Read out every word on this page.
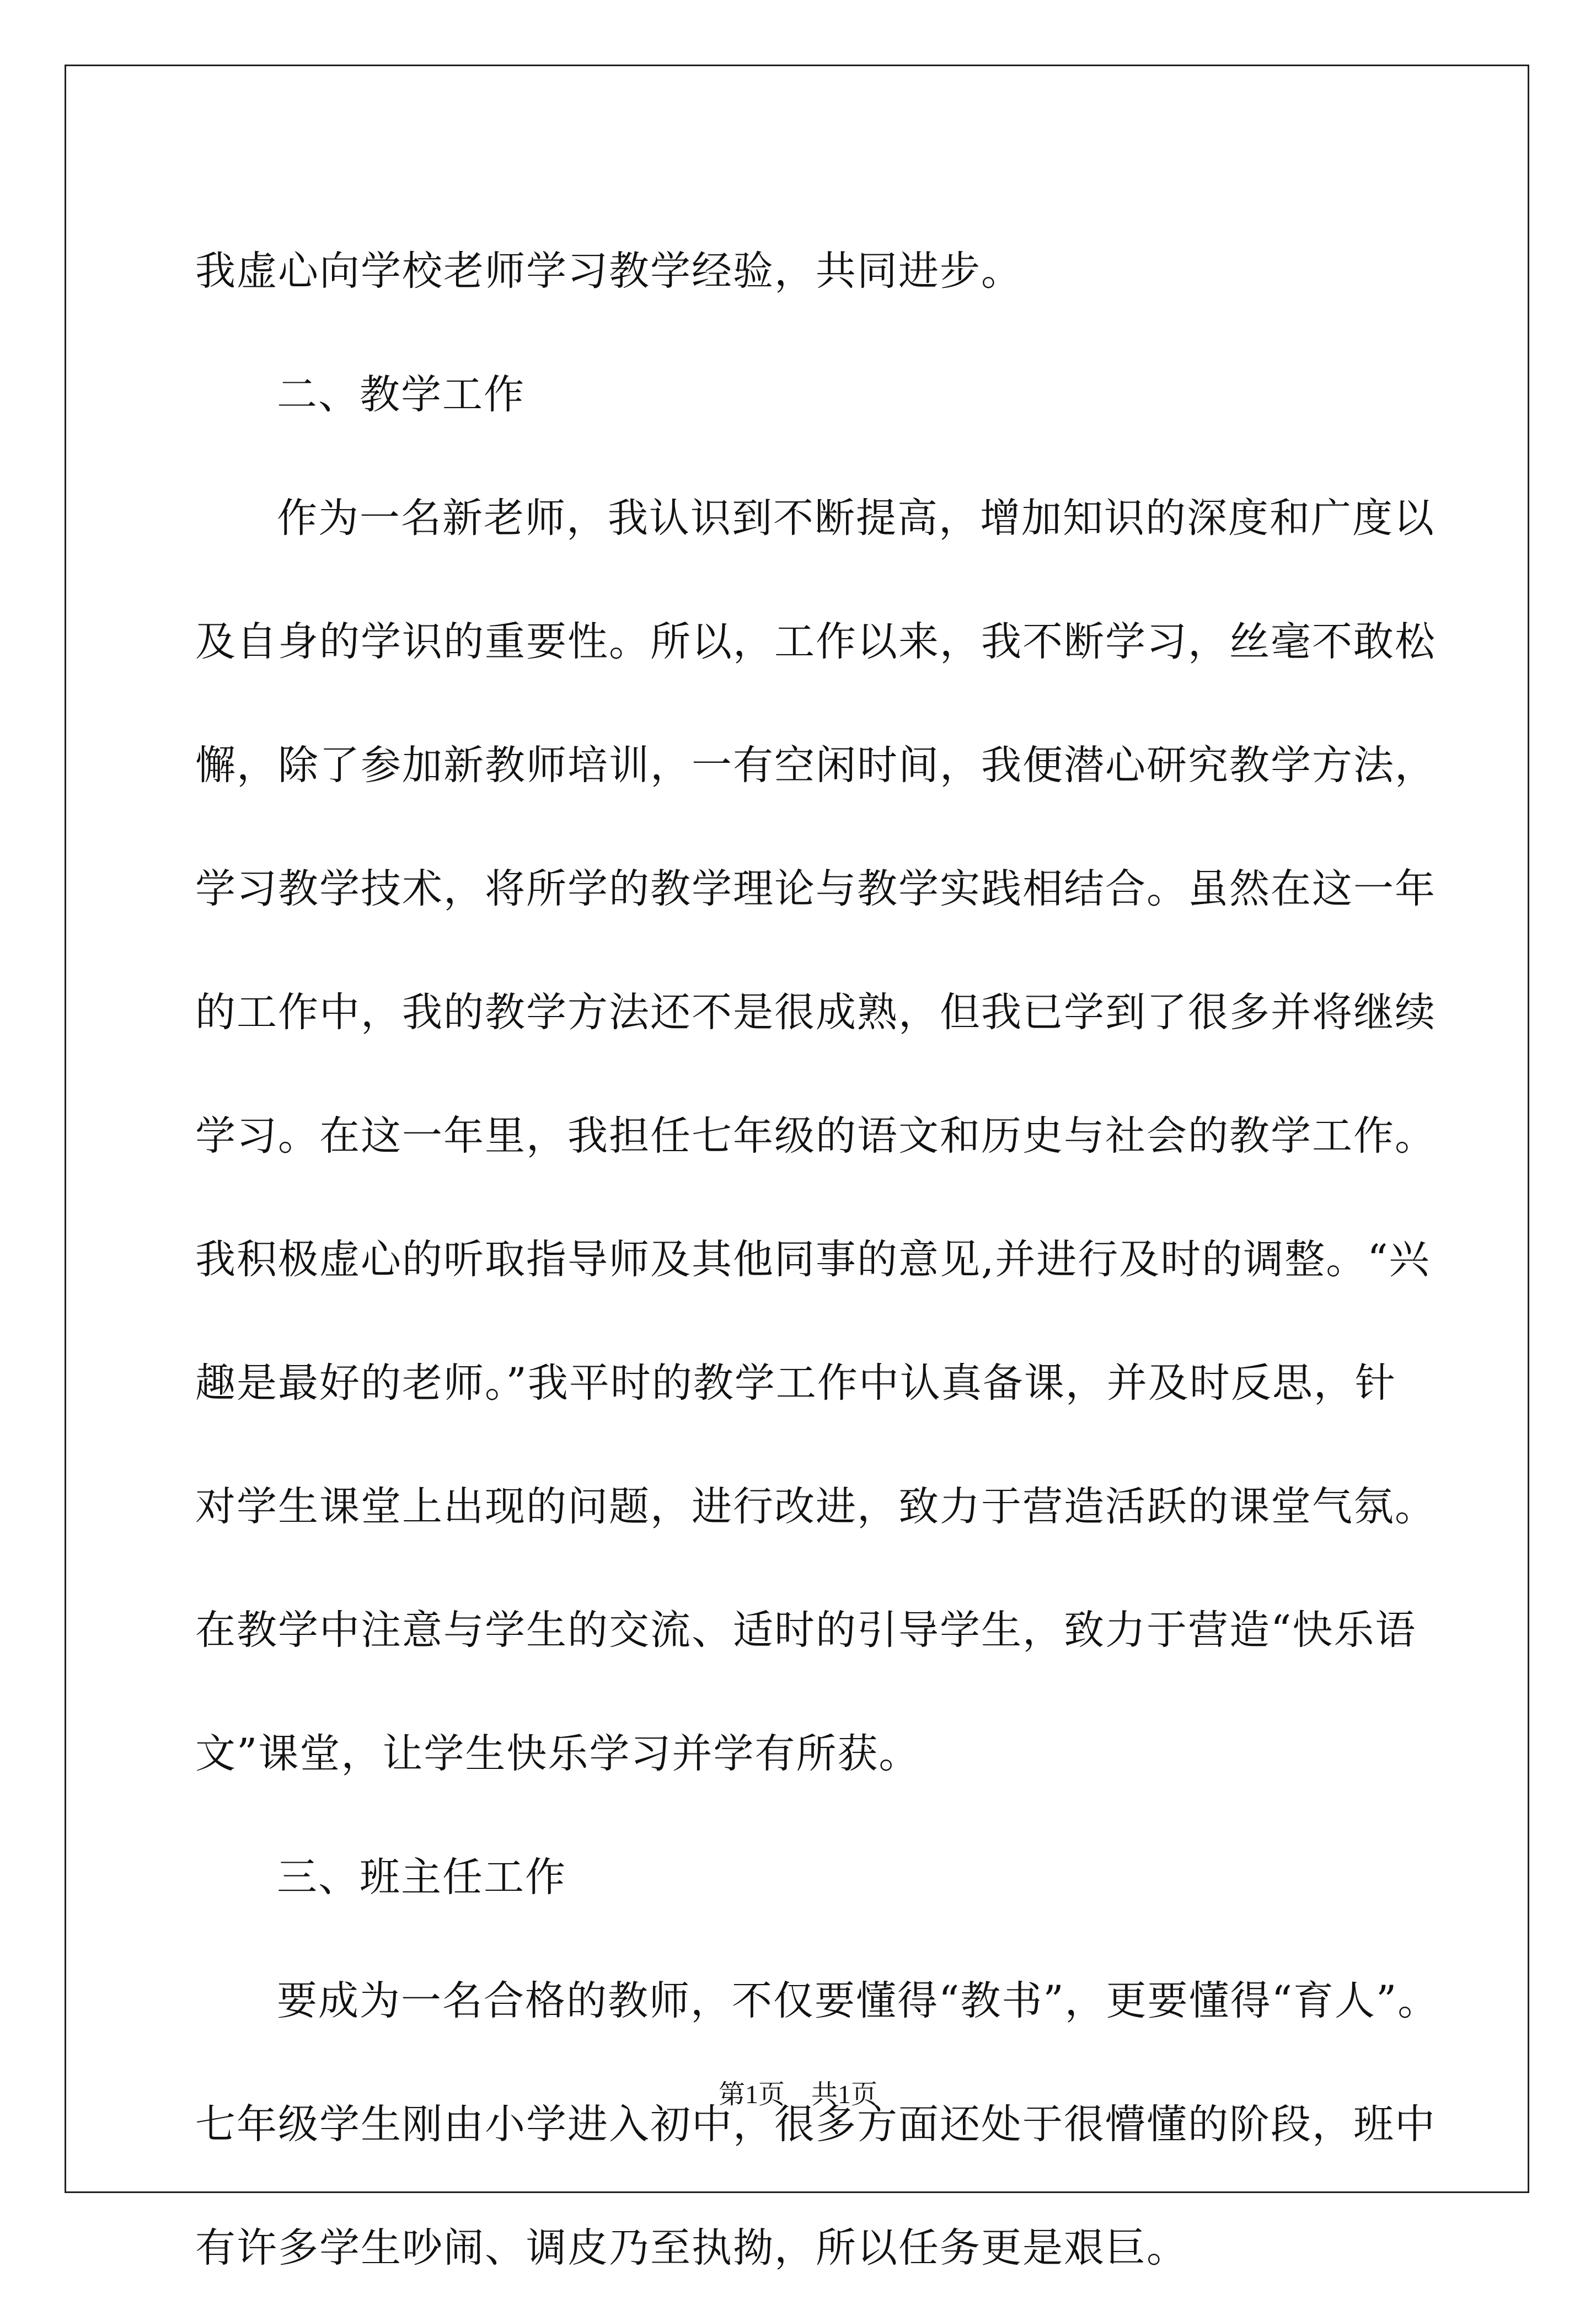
我虚心向学校老师学习教学经验，共同进步。
二、教学工作
作为一名新老师，我认识到不断提高，增加知识的深度和广度以
及自身的学识的重要性。所以，工作以来，我不断学习，丝毫不敢松
懈，除了参加新教师培训，一有空闲时间，我便潜心研究教学方法，
学习教学技术，将所学的教学理论与教学实践相结合。虽然在这一年
的工作中，我的教学方法还不是很成熟，但我已学到了很多并将继续
学习。在这一年里，我担任七年级的语文和历史与社会的教学工作。
我积极虚心的听取指导师及其他同事的意见,并进行及时的调整。“兴
趣是最好的老师。”我平时的教学工作中认真备课，并及时反思，针
对学生课堂上出现的问题，进行改进，致力于营造活跃的课堂气氛。
在教学中注意与学生的交流、适时的引导学生，致力于营造“快乐语
文”课堂，让学生快乐学习并学有所获。
三、班主任工作
要成为一名合格的教师，不仅要懂得“教书”，更要懂得“育人”。
七年级学生刚由小学进入初中，很多方面还处于很懵懂的阶段，班中
有许多学生吵闹、调皮乃至执拗，所以任务更是艰巨。
第1页　共1页
